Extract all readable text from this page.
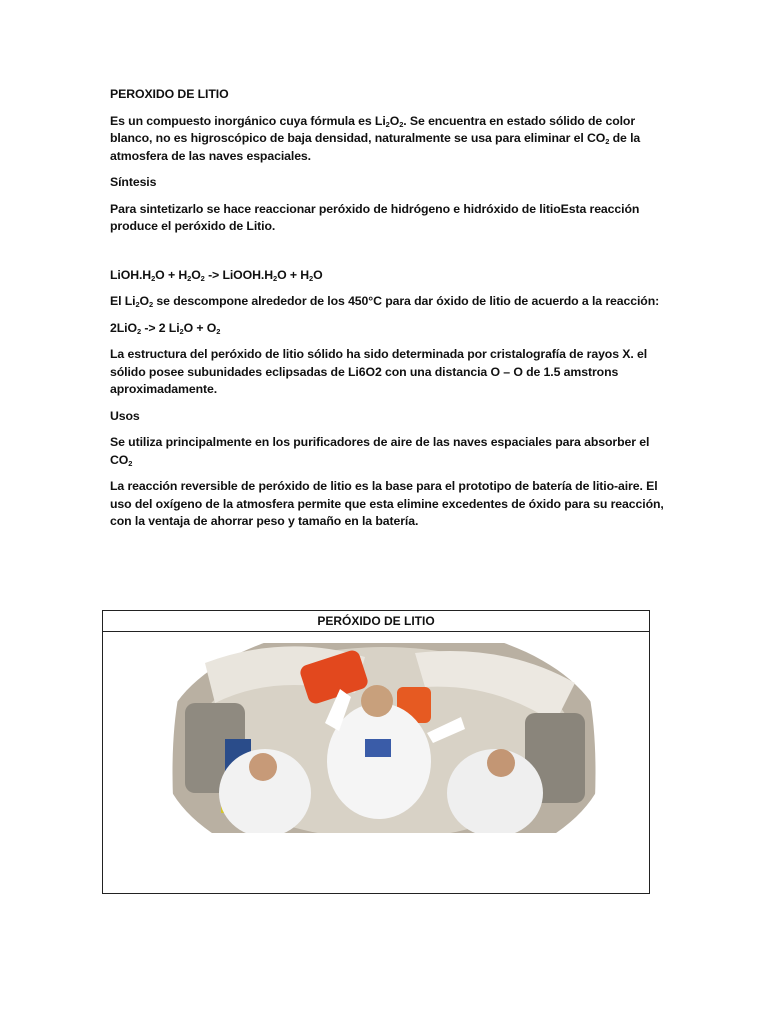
PEROXIDO DE LITIO

Es un compuesto inorgánico cuya fórmula es $Li_2O_2$. Se encuentra en estado sólido de color blanco, no es higroscópico de baja densidad, naturalmente se usa para eliminar el $CO_2$ de la atmosfera de las naves espaciales.

Síntesis

Para sintetizarlo se hace reaccionar peróxido de hidrógeno e hidróxido de litioEsta reacción produce el peróxido de Litio.

$LiOH.H_2O + H_2O_2$ -> $LiOOH.H_2O + H_2O$

El $Li_2O_2$ se descompone alrededor de los 450°C para dar óxido de litio de acuerdo a la reacción:

2LiO$_2$ -> 2 $Li_2O + O_2$

La estructura del peróxido de litio sólido ha sido determinada por cristalografía de rayos X. el sólido posee subunidades eclipsadas de Li6O2 con una distancia O – O de 1.5 amstrons aproximadamente.

Usos

Se utiliza principalmente en los purificadores de aire de las naves espaciales para absorber el $CO_2$

La reacción reversible de peróxido de litio es la base para el prototipo de batería de litio-aire. El uso del oxígeno de la atmosfera permite que esta elimine excedentes de óxido para su reacción, con la ventaja de ahorrar peso y tamaño en la batería.

PERÓXIDO DE LITIO
